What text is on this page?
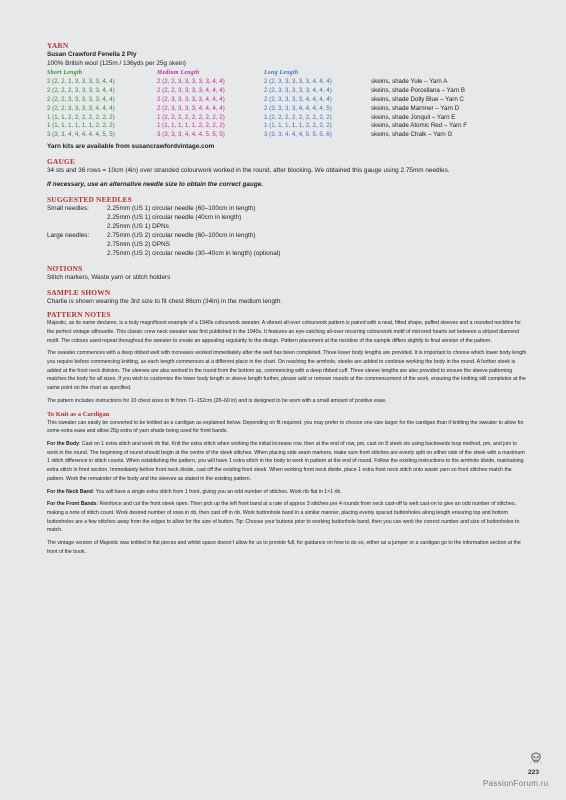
YARN
Susan Crawford Fenella 2 Ply
100% British wool (125m / 136yds per 25g skein)
Short Length	Medium Length	Long Length
2 (2, 2, 2, 3, 3, 3, 3, 4, 4)	2 (2, 2, 3, 3, 3, 3, 3, 4, 4)	2 (2, 3, 3, 3, 3, 3, 4, 4, 4)	skeins, shade Yule – Yarn A
2 (2, 2, 2, 3, 3, 3, 3, 4, 4)	2 (2, 2, 3, 3, 3, 3, 4, 4, 4)	2 (2, 3, 3, 3, 3, 3, 4, 4, 4)	skeins, shade Porcellana – Yarn B
2 (2, 2, 3, 3, 3, 3, 3, 4, 4)	2 (2, 3, 3, 3, 3, 3, 4, 4, 4)	2 (2, 3, 3, 3, 3, 4, 4, 4, 4)	skeins, shade Dolly Blue – Yarn C
2 (2, 2, 3, 3, 3, 3, 4, 4, 4)	2 (2, 3, 3, 3, 3, 4, 4, 4, 4)	2 (3, 3, 3, 3, 4, 4, 4, 4, 5)	skeins, shade Marriner – Yarn D
1 (1, 1, 2, 2, 2, 2, 2, 2, 2)	1 (2, 2, 2, 2, 2, 2, 2, 2, 2)	1 (2, 2, 2, 2, 2, 2, 2, 2, 2)	skeins, shade Jonquil – Yarn E
1 (1, 1, 1, 1, 1, 1, 2, 2, 2)	1 (1, 1, 1, 1, 1, 2, 2, 2, 2)	1 (1, 1, 1, 1, 1, 2, 2, 2, 2)	skeins, shade Atomic Red – Yarn F
3 (3, 3, 4, 4, 4, 4, 4, 5, 5)	3 (3, 3, 3, 4, 4, 4, 5, 5, 5)	3 (3, 3, 4, 4, 4, 5, 5, 5, 6)	skeins, shade Chalk – Yarn G
Yarn kits are available from susancrawfordvintage.com
GAUGE
34 sts and 36 rows = 10cm (4in) over stranded colourwork worked in the round, after blocking. We obtained this gauge using 2.75mm needles.
If necessary, use an alternative needle size to obtain the correct gauge.
SUGGESTED NEEDLES
Small needles:	2.25mm (US 1) circular needle (60–100cm in length)
2.25mm (US 1) circular needle (40cm in length)
2.25mm (US 1) DPNs
Large needles:	2.75mm (US 2) circular needle (60–100cm in length)
2.75mm (US 2) DPNS
2.75mm (US 2) circular needle (30–40cm in length) (optional)
NOTIONS
Stitch markers, Waste yarn or stitch holders
SAMPLE SHOWN
Charlie is shown wearing the 3rd size to fit chest 86cm (34in) in the medium length.
PATTERN NOTES

Majestic, as its name declares, is a truly magnificent example of a 1940s colourwork sweater. A vibrant all-over colourwork pattern is paired with a neat, fitted shape, puffed sleeves and a rounded neckline for the perfect vintage silhouette. This classic crew neck sweater was first published in the 1940s. It features an eye-catching all-over recurring colourwork motif of mirrored hearts set between a striped diamond motif. The colours used repeat throughout the sweater to create an appealing regularity to the design. Pattern placement at the neckline of the sample differs slightly to final version of the pattern.

The sweater commences with a deep ribbed welt with increases worked immediately after the welt has been completed. Three lower body lengths are provided. It is important to choose which lower body length you require before commencing knitting, as each length commences at a different place in the chart. On reaching the armhole, steeks are added to continue working the body in the round. A further steek is added at the front neck division. The sleeves are also worked in the round from the bottom up, commencing with a deep ribbed cuff. Three sleeve lengths are also provided to ensure the sleeve patterning matches the body for all sizes. If you wish to customize the lower body length or sleeve length further, please add or remove rounds at the commencement of the work, ensuring the knitting still completes at the same point on the chart as specified.

The pattern includes instructions for 10 chest sizes to fit from 71–152cm (28–60 in) and is designed to be worn with a small amount of positive ease.

To Knit as a Cardigan

This sweater can easily be converted to be knitted as a cardigan as explained below. Depending on fit required, you may prefer to choose one size larger for the cardigan than if knitting the sweater to allow for some extra ease and allow 25g extra of yarn shade being used for front bands.

For the Body: Cast on 1 extra stitch and work rib flat. Knit the extra stitch when working the initial increase row, then at the end of row, pm, cast on 8 steek sts using backwards loop method, pm, and join to work in the round. The beginning of round should begin at the centre of the steek stitches. When placing side seam markers, make sure front stitches are evenly split on either side of the steek with a maximum 1 stitch difference in stitch counts. When establishing the pattern, you will have 1 extra stitch in the body to work in pattern at the end of round. Follow the existing instructions to the armhole divide, maintaining extra stitch in front section. Immediately before front neck divide, cast off the existing front steek. When working front neck divide, place 1 extra front neck stitch onto waste yarn so front stitches match the pattern. Work the remainder of the body and the sleeves as stated in the existing pattern.

For the Neck Band: You will have a single extra stitch from 1 front, giving you an odd number of stitches. Work rib flat in 1×1 rib.

For the Front Bands: Reinforce and cut the front steek open. Then pick up the left front band at a rate of approx 3 stitches per 4 rounds from neck cast-off to welt cast-on to give an odd number of stitches, making a note of stitch count. Work desired number of rows in rib, then cast off in rib. Work buttonhole band in a similar manner, placing evenly spaced buttonholes along length ensuring top and bottom buttonholes are a few stitches away from the edges to allow for the size of button. Tip: Choose your buttons prior to working buttonhole band, then you can work the correct number and size of buttonholes to match.

The vintage version of Majestic was knitted in flat pieces and whilst space doesn’t allow for us to provide full, for guidance on how to do so, either as a jumper or a cardigan go to the information section at the front of the book.

223
PassionForum.ru
